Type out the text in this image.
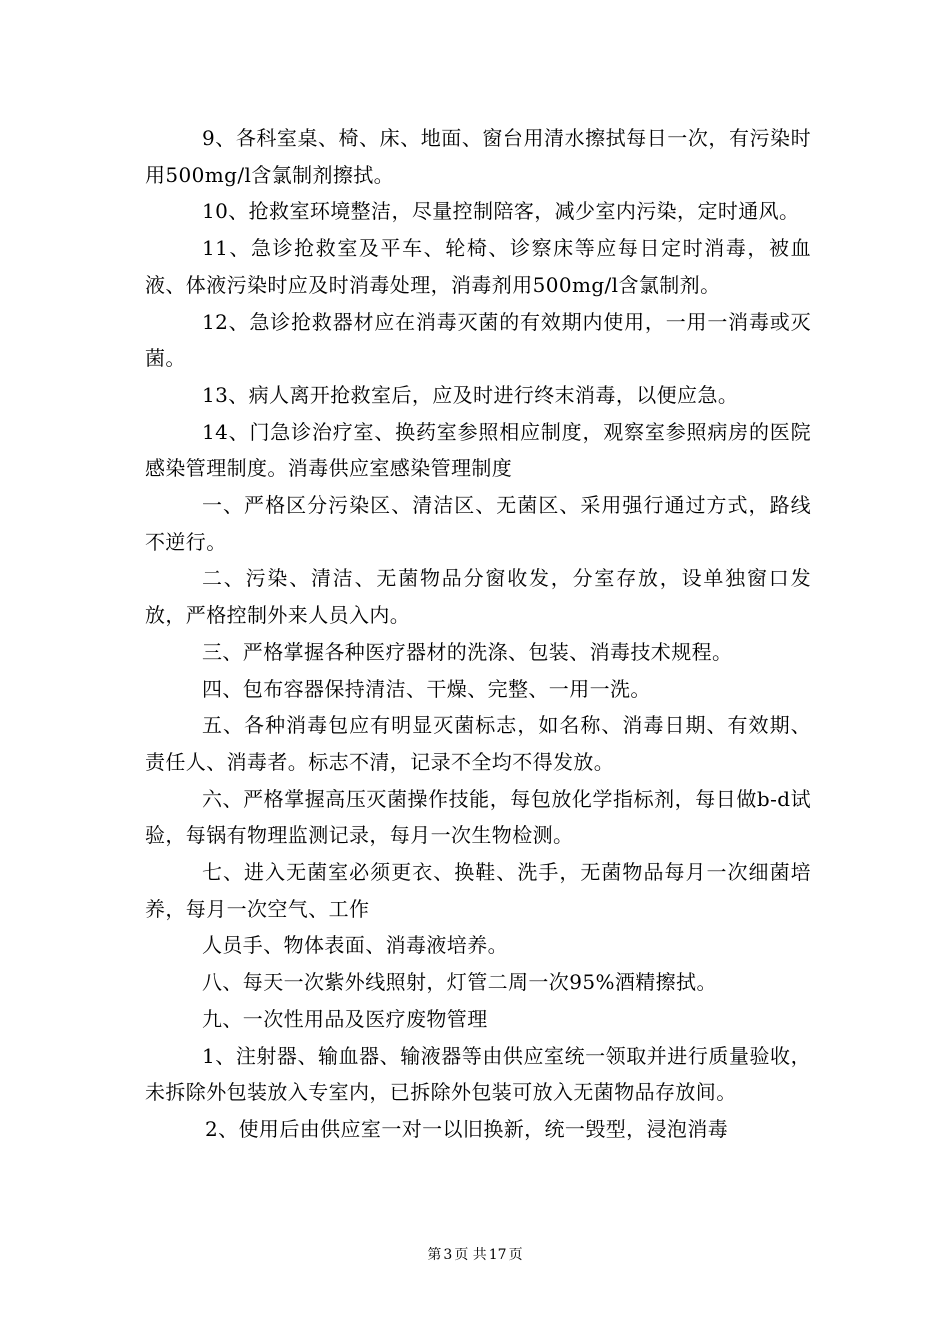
9、各科室桌、椅、床、地面、窗台用清水擦拭每日一次，有污染时用500mg/l含氯制剂擦拭。

10、抢救室环境整洁，尽量控制陪客，减少室内污染，定时通风。

11、急诊抢救室及平车、轮椅、诊察床等应每日定时消毒，被血液、体液污染时应及时消毒处理，消毒剂用500mg/l含氯制剂。

12、急诊抢救器材应在消毒灭菌的有效期内使用，一用一消毒或灭菌。

13、病人离开抢救室后，应及时进行终末消毒，以便应急。

14、门急诊治疗室、换药室参照相应制度，观察室参照病房的医院感染管理制度。消毒供应室感染管理制度

一、严格区分污染区、清洁区、无菌区、采用强行通过方式，路线不逆行。

二、污染、清洁、无菌物品分窗收发，分室存放，设单独窗口发放，严格控制外来人员入内。

三、严格掌握各种医疗器材的洗涤、包装、消毒技术规程。

四、包布容器保持清洁、干燥、完整、一用一洗。

五、各种消毒包应有明显灭菌标志，如名称、消毒日期、有效期、责任人、消毒者。标志不清，记录不全均不得发放。

六、严格掌握高压灭菌操作技能，每包放化学指标剂，每日做b-d试验，每锅有物理监测记录，每月一次生物检测。

七、进入无菌室必须更衣、换鞋、洗手，无菌物品每月一次细菌培养，每月一次空气、工作

人员手、物体表面、消毒液培养。

八、每天一次紫外线照射，灯管二周一次95%酒精擦拭。

九、一次性用品及医疗废物管理

1、注射器、输血器、输液器等由供应室统一领取并进行质量验收，未拆除外包装放入专室内，已拆除外包装可放入无菌物品存放间。

2、使用后由供应室一对一以旧换新，统一毁型，浸泡消毒

第 3 页 共 17 页
